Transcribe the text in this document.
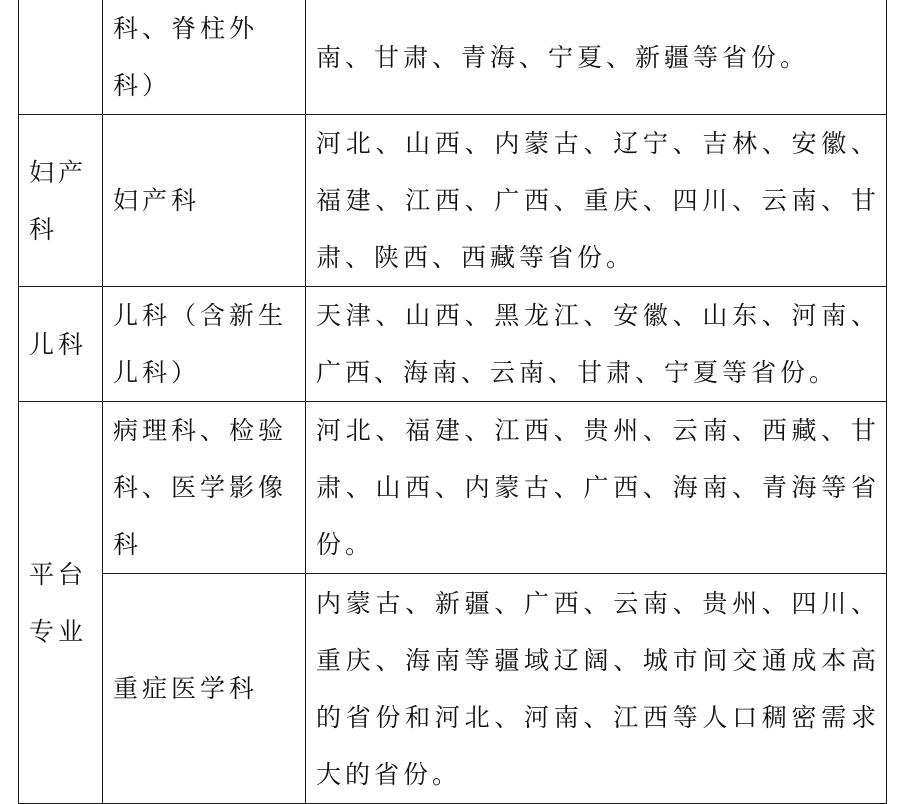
	科、脊柱外科）	南、甘肃、青海、宁夏、新疆等省份。
妇产科	妇产科	河北、山西、内蒙古、辽宁、吉林、安徽、福建、江西、广西、重庆、四川、云南、甘肃、陕西、西藏等省份。
儿科	儿科（含新生儿科）	天津、山西、黑龙江、安徽、山东、河南、广西、海南、云南、甘肃、宁夏等省份。
平台专业	病理科、检验科、医学影像科	河北、福建、江西、贵州、云南、西藏、甘肃、山西、内蒙古、广西、海南、青海等省份。
	重症医学科	内蒙古、新疆、广西、云南、贵州、四川、重庆、海南等疆域辽阔、城市间交通成本高的省份和河北、河南、江西等人口稠密需求大的省份。
